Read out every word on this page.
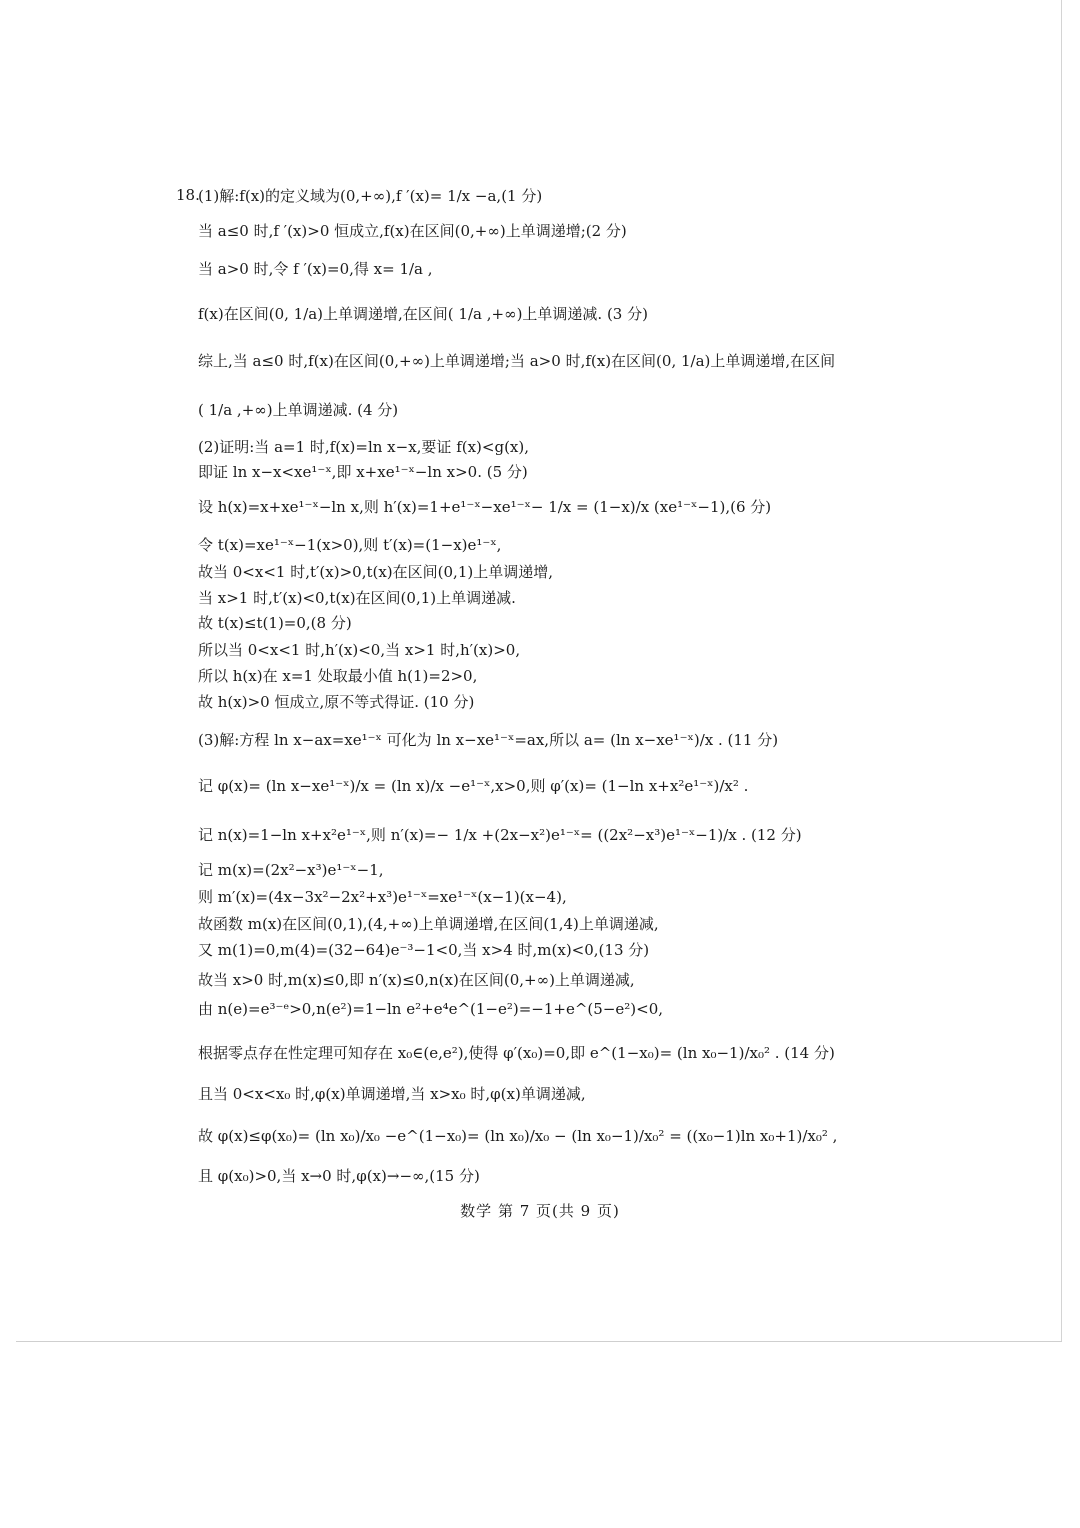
18.
(1)解:f(x)的定义域为(0,+∞),f ′(x)= 1/x −a,(1 分)
当 a≤0 时,f ′(x)>0 恒成立,f(x)在区间(0,+∞)上单调递增;(2 分)
当 a>0 时,令 f ′(x)=0,得 x= 1/a ,
f(x)在区间(0, 1/a)上单调递增,在区间( 1/a ,+∞)上单调递减. (3 分)
综上,当 a≤0 时,f(x)在区间(0,+∞)上单调递增;当 a>0 时,f(x)在区间(0, 1/a)上单调递增,在区间
( 1/a ,+∞)上单调递减. (4 分)
(2)证明:当 a=1 时,f(x)=ln x−x,要证 f(x)<g(x),
即证 ln x−x<xe¹⁻ˣ,即 x+xe¹⁻ˣ−ln x>0. (5 分)
设 h(x)=x+xe¹⁻ˣ−ln x,则 h′(x)=1+e¹⁻ˣ−xe¹⁻ˣ− 1/x = (1−x)/x (xe¹⁻ˣ−1),(6 分)
令 t(x)=xe¹⁻ˣ−1(x>0),则 t′(x)=(1−x)e¹⁻ˣ,
故当 0<x<1 时,t′(x)>0,t(x)在区间(0,1)上单调递增,
当 x>1 时,t′(x)<0,t(x)在区间(0,1)上单调递减.
故 t(x)≤t(1)=0,(8 分)
所以当 0<x<1 时,h′(x)<0,当 x>1 时,h′(x)>0,
所以 h(x)在 x=1 处取最小值 h(1)=2>0,
故 h(x)>0 恒成立,原不等式得证. (10 分)
(3)解:方程 ln x−ax=xe¹⁻ˣ 可化为 ln x−xe¹⁻ˣ=ax,所以 a= (ln x−xe¹⁻ˣ)/x . (11 分)
记 φ(x)= (ln x−xe¹⁻ˣ)/x = (ln x)/x −e¹⁻ˣ,x>0,则 φ′(x)= (1−ln x+x²e¹⁻ˣ)/x² .
记 n(x)=1−ln x+x²e¹⁻ˣ,则 n′(x)=− 1/x +(2x−x²)e¹⁻ˣ= ((2x²−x³)e¹⁻ˣ−1)/x . (12 分)
记 m(x)=(2x²−x³)e¹⁻ˣ−1,
则 m′(x)=(4x−3x²−2x²+x³)e¹⁻ˣ=xe¹⁻ˣ(x−1)(x−4),
故函数 m(x)在区间(0,1),(4,+∞)上单调递增,在区间(1,4)上单调递减,
又 m(1)=0,m(4)=(32−64)e⁻³−1<0,当 x>4 时,m(x)<0,(13 分)
故当 x>0 时,m(x)≤0,即 n′(x)≤0,n(x)在区间(0,+∞)上单调递减,
由 n(e)=e³⁻ᵉ>0,n(e²)=1−ln e²+e⁴e^(1−e²)=−1+e^(5−e²)<0,
根据零点存在性定理可知存在 x₀∈(e,e²),使得 φ′(x₀)=0,即 e^(1−x₀)= (ln x₀−1)/x₀² . (14 分)
且当 0<x<x₀ 时,φ(x)单调递增,当 x>x₀ 时,φ(x)单调递减,
故 φ(x)≤φ(x₀)= (ln x₀)/x₀ −e^(1−x₀)= (ln x₀)/x₀ − (ln x₀−1)/x₀² = ((x₀−1)ln x₀+1)/x₀² ,
且 φ(x₀)>0,当 x→0 时,φ(x)→−∞,(15 分)
数学 第 7 页(共 9 页)
